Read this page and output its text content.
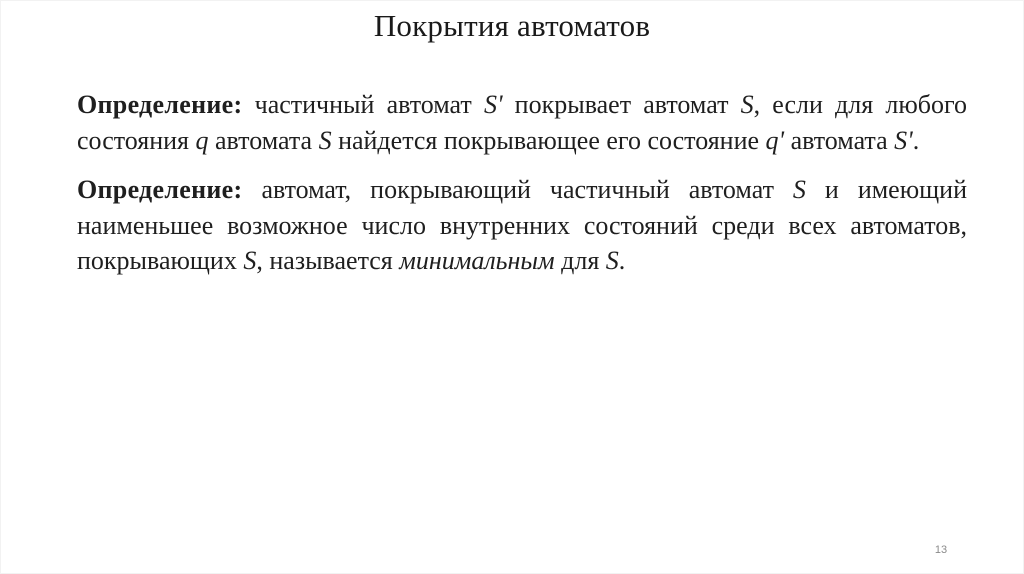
Покрытия автоматов

Определение: частичный автомат S' покрывает автомат S, если для любого состояния q автомата S найдется покрывающее его состояние q' автомата S'.

Определение: автомат, покрывающий частичный автомат S и имеющий наименьшее возможное число внутренних состояний среди всех автоматов, покрывающих S, называется минимальным для S.

13
